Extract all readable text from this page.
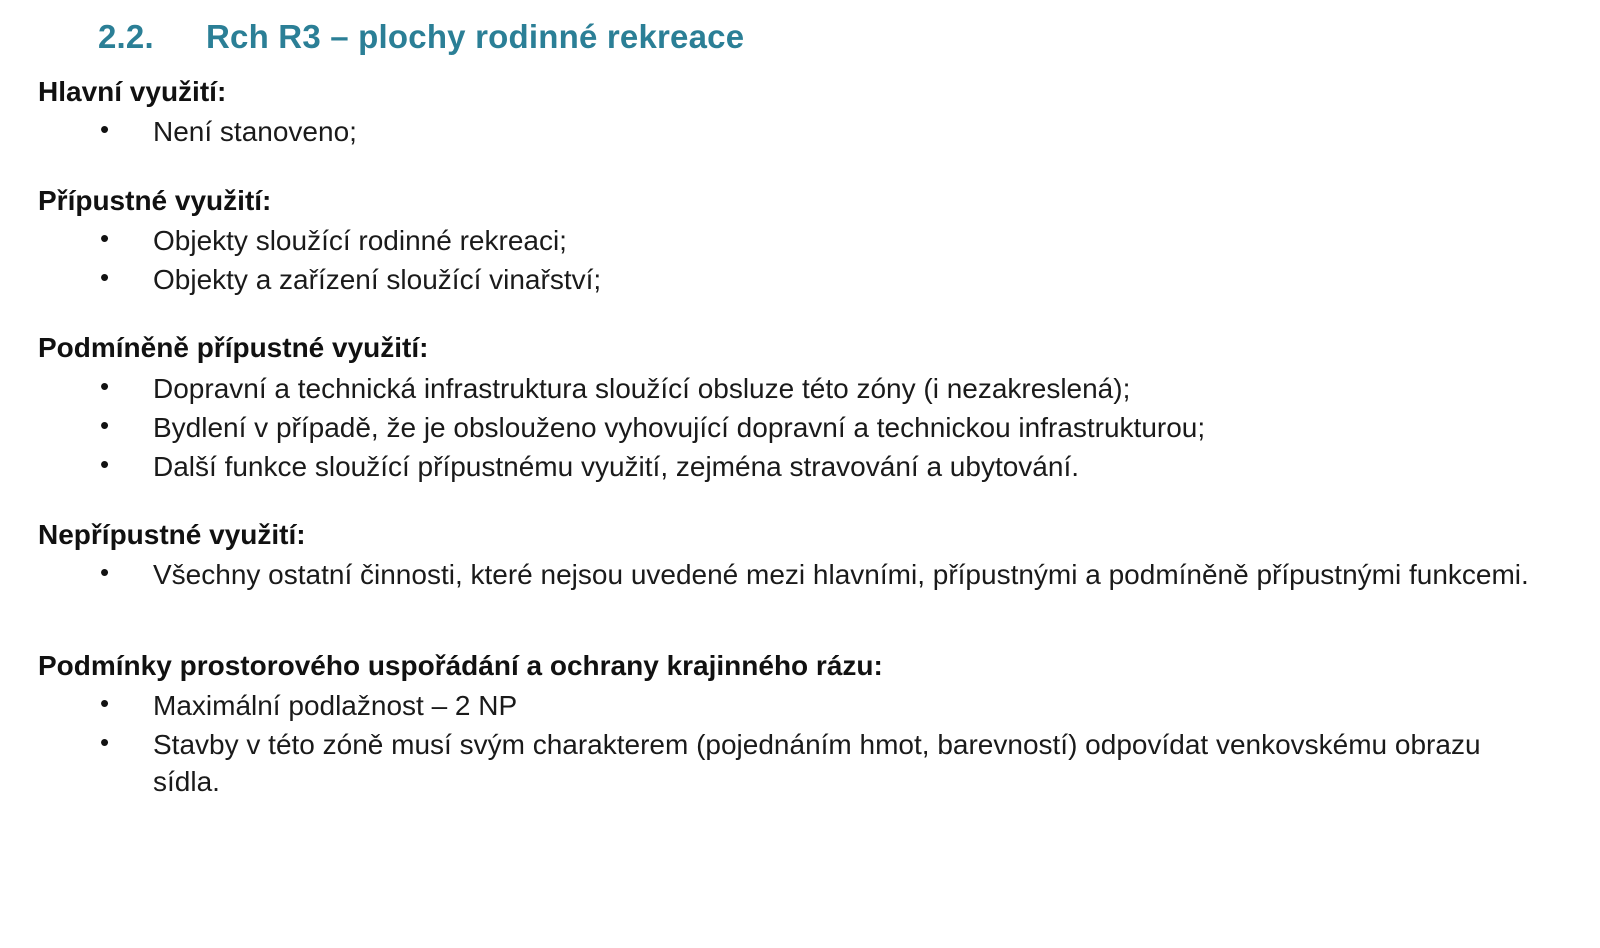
2.2.	Rch R3 – plochy rodinné rekreace
Hlavní využití:
• Není stanoveno;
Přípustné využití:
• Objekty sloužící rodinné rekreaci;
• Objekty a zařízení sloužící vinařství;
Podmíněně přípustné využití:
• Dopravní a technická infrastruktura sloužící obsluze této zóny (i nezakreslená);
• Bydlení v případě, že je obslouženo vyhovující dopravní a technickou infrastrukturou;
• Další funkce sloužící přípustnému využití, zejména stravování a ubytování.
Nepřípustné využití:
• Všechny ostatní činnosti, které nejsou uvedené mezi hlavními, přípustnými a podmíněně přípustnými funkcemi.
Podmínky prostorového uspořádání a ochrany krajinného rázu:
• Maximální podlažnost – 2 NP
• Stavby v této zóně musí svým charakterem (pojednáním hmot, barevností) odpovídat venkovskému obrazu sídla.
